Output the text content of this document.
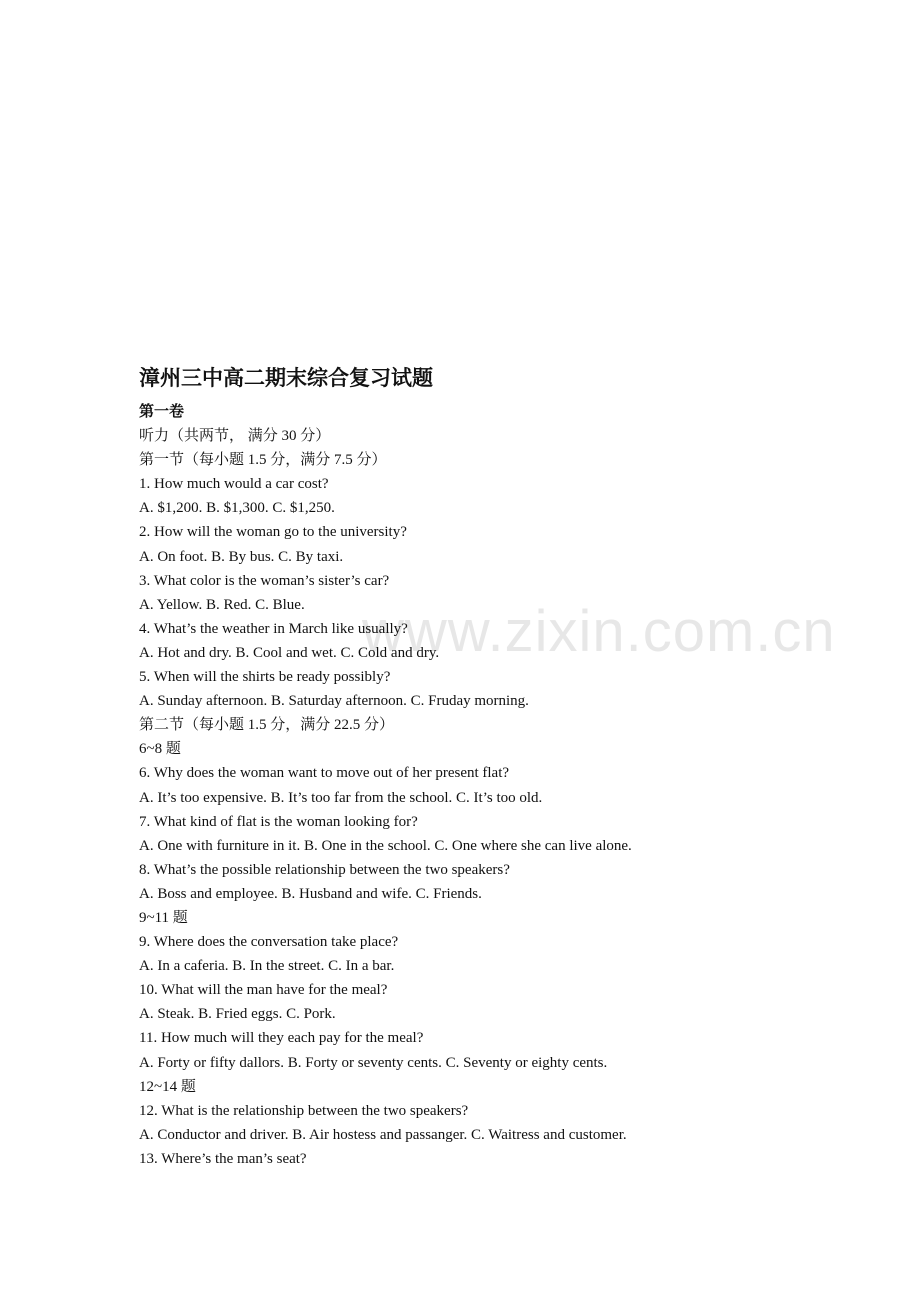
www.zixin.com.cn
漳州三中高二期末综合复习试题
第一卷
听力（共两节， 满分 30 分）
第一节（每小题 1.5 分，满分 7.5 分）
1. How much would a car cost?
A. $1,200. B. $1,300. C. $1,250.
2. How will the woman go to the university?
A. On foot. B. By bus. C. By taxi.
3. What color is the woman’s sister’s car?
A. Yellow. B. Red. C. Blue.
4. What’s the weather in March like usually?
A. Hot and dry. B. Cool and wet. C. Cold and dry.
5. When will the shirts be ready possibly?
A. Sunday afternoon. B. Saturday afternoon. C. Fruday morning.
第二节（每小题 1.5 分，满分 22.5 分）
6~8 题
6. Why does the woman want to move out of her present flat?
A. It’s too expensive. B. It’s too far from the school. C. It’s too old.
7. What kind of flat is the woman looking for?
A. One with furniture in it. B. One in the school. C. One where she can live alone.
8. What’s the possible relationship between the two speakers?
A. Boss and employee. B. Husband and wife. C. Friends.
9~11 题
9. Where does the conversation take place?
A. In a caferia. B. In the street. C. In a bar.
10. What will the man have for the meal?
A. Steak. B. Fried eggs. C. Pork.
11. How much will they each pay for the meal?
A. Forty or fifty dallors. B. Forty or seventy cents. C. Seventy or eighty cents.
12~14 题
12. What is the relationship between the two speakers?
A. Conductor and driver. B. Air hostess and passanger. C. Waitress and customer.
13. Where’s the man’s seat?
